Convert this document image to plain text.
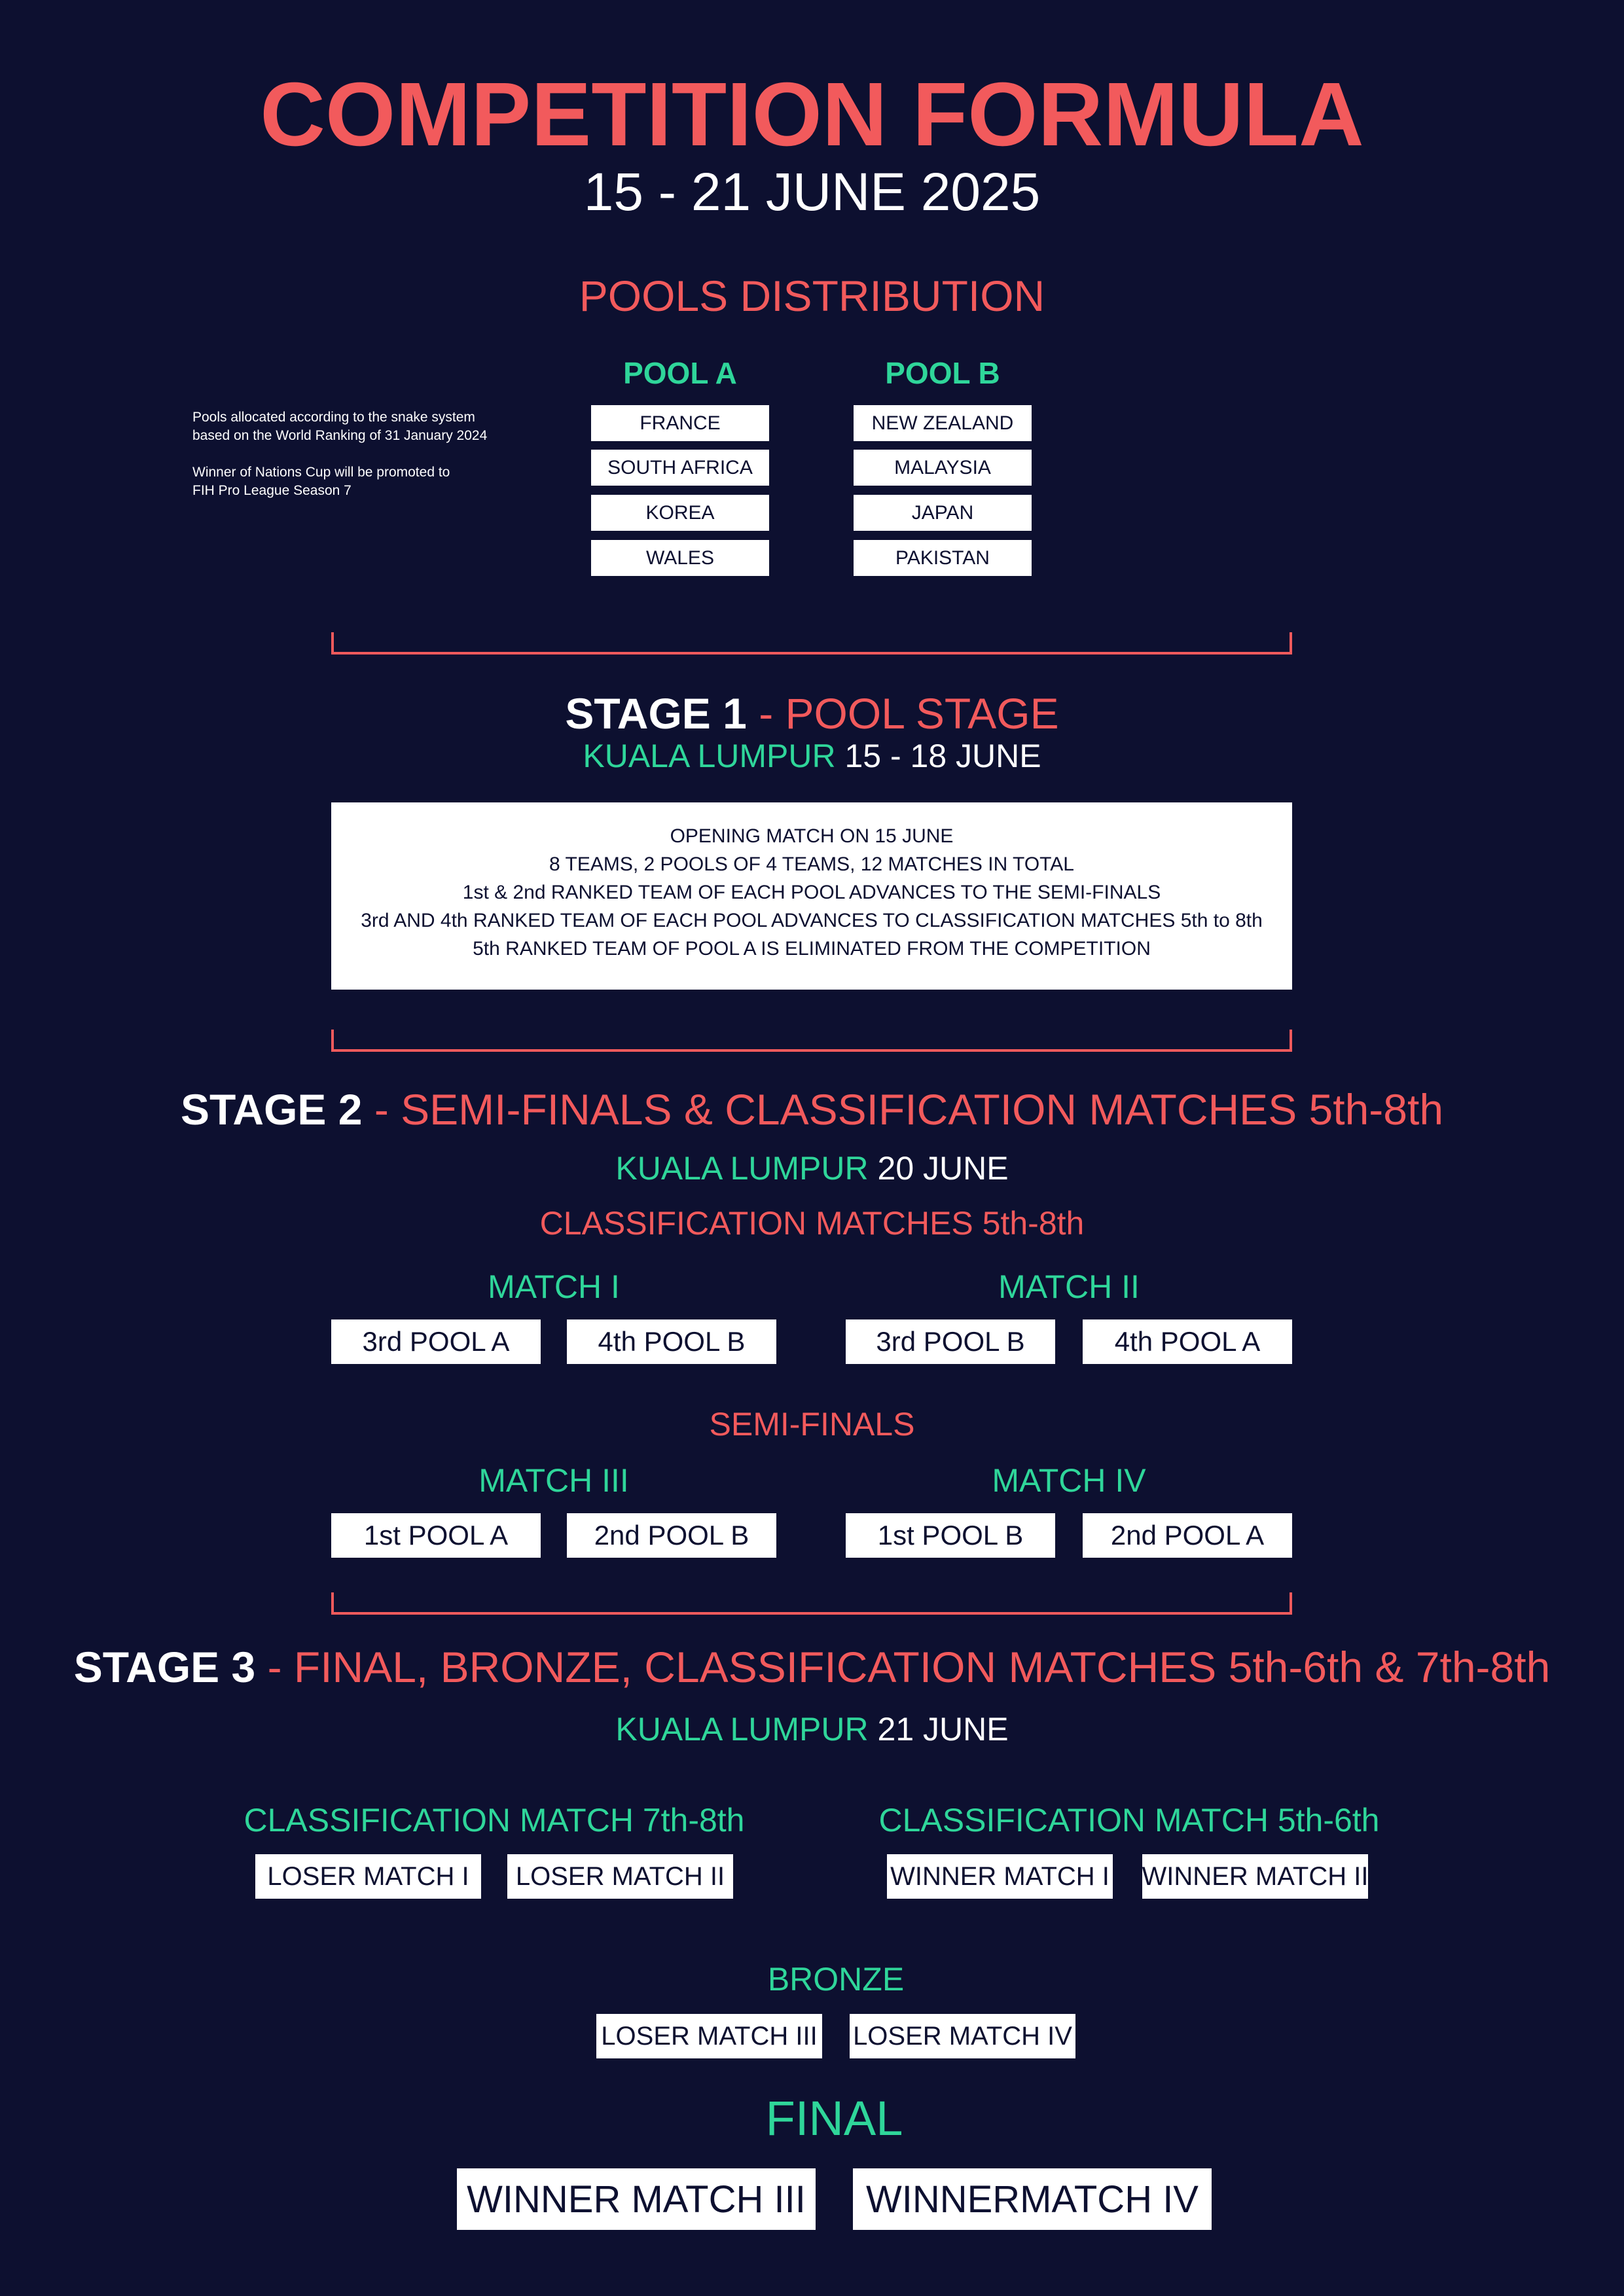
COMPETITION FORMULA
15 - 21 JUNE 2025
POOLS DISTRIBUTION
Pools allocated according to the snake system
based on the World Ranking of 31 January 2024
Winner of Nations Cup will be promoted to
FIH Pro League Season 7
POOL A	POOL B
FRANCE
SOUTH AFRICA
KOREA
WALES
NEW ZEALAND
MALAYSIA
JAPAN
PAKISTAN
STAGE 1 - POOL STAGE
KUALA LUMPUR 15 - 18 JUNE
OPENING MATCH ON 15 JUNE
8 TEAMS, 2 POOLS OF 4 TEAMS, 12 MATCHES IN TOTAL
1st & 2nd RANKED TEAM OF EACH POOL ADVANCES TO THE SEMI-FINALS
3rd AND 4th RANKED TEAM OF EACH POOL ADVANCES TO CLASSIFICATION MATCHES 5th to 8th
5th RANKED TEAM OF POOL A IS ELIMINATED FROM THE COMPETITION
STAGE 2 - SEMI-FINALS & CLASSIFICATION MATCHES 5th-8th
KUALA LUMPUR 20 JUNE
CLASSIFICATION MATCHES 5th-8th
MATCH I	MATCH II
3rd POOL A	4th POOL B	3rd POOL B	4th POOL A
SEMI-FINALS
MATCH III	MATCH IV
1st POOL A	2nd POOL B	1st POOL B	2nd POOL A
STAGE 3 - FINAL, BRONZE, CLASSIFICATION MATCHES 5th-6th & 7th-8th
KUALA LUMPUR 21 JUNE
CLASSIFICATION MATCH 7th-8th	CLASSIFICATION MATCH 5th-6th
LOSER MATCH I	LOSER MATCH II	WINNER MATCH I WINNER MATCH II
BRONZE
LOSER MATCH III LOSER MATCH IV
FINAL
WINNER MATCH III	WINNERMATCH IV
